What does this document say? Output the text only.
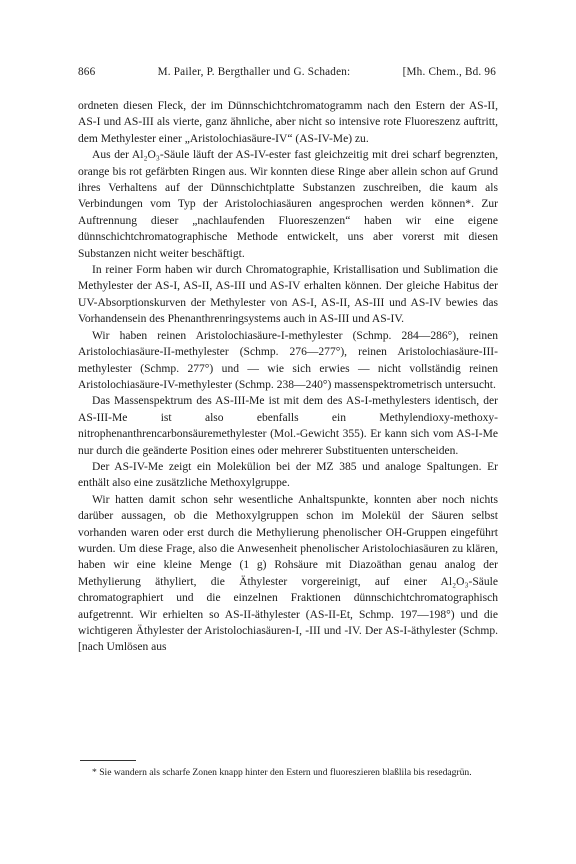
866	M. Pailer, P. Bergthaller und G. Schaden:	[Mh. Chem., Bd. 96

ordneten diesen Fleck, der im Dünnschichtchromatogramm nach den Estern der AS-II, AS-I und AS-III als vierte, ganz ähnliche, aber nicht so intensive rote Fluoreszenz auftritt, dem Methylester einer „Aristolochiasäure-IV“ (AS-IV-Me) zu.

Aus der Al₂O₃-Säule läuft der AS-IV-ester fast gleichzeitig mit drei scharf begrenzten, orange bis rot gefärbten Ringen aus. Wir konnten diese Ringe aber allein schon auf Grund ihres Verhaltens auf der Dünnschichtplatte Substanzen zuschreiben, die kaum als Verbindungen vom Typ der Aristolochiasäuren angesprochen werden können*. Zur Auftrennung dieser „nachlaufenden Fluoreszenzen“ haben wir eine eigene dünnschichtchromatographische Methode entwickelt, uns aber vorerst mit diesen Substanzen nicht weiter beschäftigt.

In reiner Form haben wir durch Chromatographie, Kristallisation und Sublimation die Methylester der AS-I, AS-II, AS-III und AS-IV erhalten können. Der gleiche Habitus der UV-Absorptionskurven der Methylester von AS-I, AS-II, AS-III und AS-IV bewies das Vorhandensein des Phenanthrenringsystems auch in AS-III und AS-IV.

Wir haben reinen Aristolochiasäure-I-methylester (Schmp. 284—286°), reinen Aristolochiasäure-II-methylester (Schmp. 276—277°), reinen Aristolochiasäure-III-methylester (Schmp. 277°) und — wie sich erwies — nicht vollständig reinen Aristolochiasäure-IV-methylester (Schmp. 238—240°) massenspektrometrisch untersucht.

Das Massenspektrum des AS-III-Me ist mit dem des AS-I-methylesters identisch, der AS-III-Me ist also ebenfalls ein Methylendioxy-methoxy-nitrophenanthrencarbonsäuremethylester (Mol.-Gewicht 355). Er kann sich vom AS-I-Me nur durch die geänderte Position eines oder mehrerer Substituenten unterscheiden.

Der AS-IV-Me zeigt ein Molekülion bei der MZ 385 und analoge Spaltungen. Er enthält also eine zusätzliche Methoxylgruppe.

Wir hatten damit schon sehr wesentliche Anhaltspunkte, konnten aber noch nichts darüber aussagen, ob die Methoxylgruppen schon im Molekül der Säuren selbst vorhanden waren oder erst durch die Methylierung phenolischer OH-Gruppen eingeführt wurden. Um diese Frage, also die Anwesenheit phenolischer Aristolochiasäuren zu klären, haben wir eine kleine Menge (1 g) Rohsäure mit Diazoäthan genau analog der Methylierung äthyliert, die Äthylester vorgereinigt, auf einer Al₂O₃-Säule chromatographiert und die einzelnen Fraktionen dünnschichtchromatographisch aufgetrennt. Wir erhielten so AS-II-äthylester (AS-II-Et, Schmp. 197—198°) und die wichtigeren Äthylester der Aristolochiasäuren-I, -III und -IV. Der AS-I-äthylester (Schmp. [nach Umlösen aus

* Sie wandern als scharfe Zonen knapp hinter den Estern und fluoreszieren blaßlila bis resedagrün.
